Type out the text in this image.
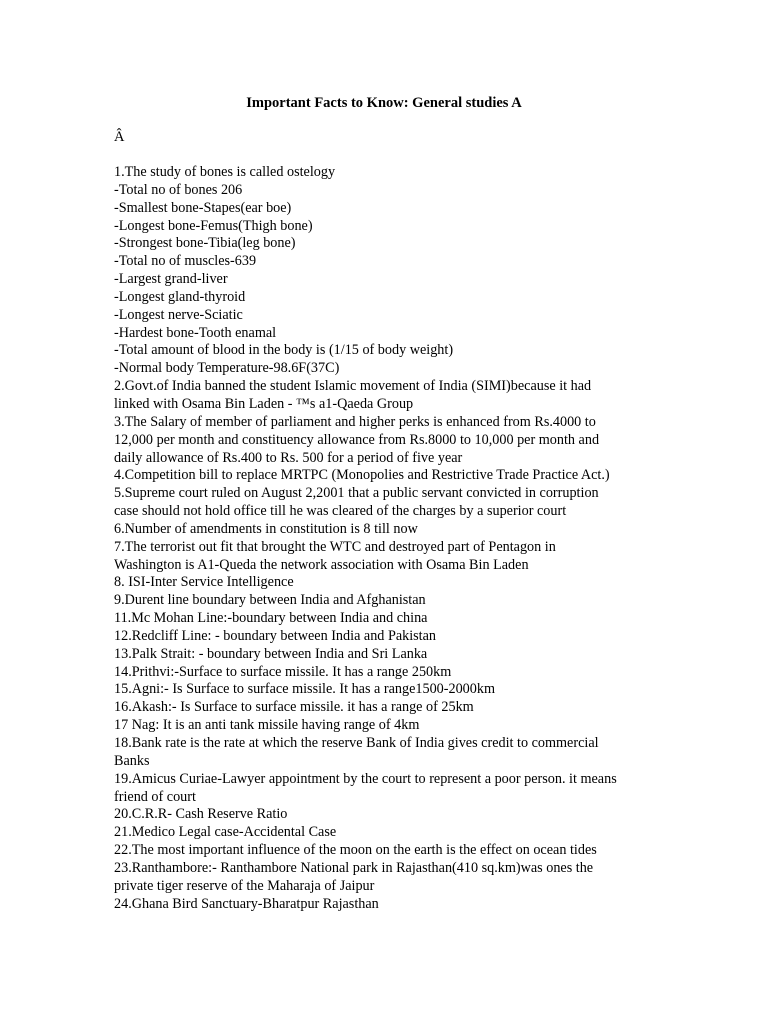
Important Facts to Know: General studies A

Â

1.The study of bones is called ostelogy
-Total no of bones 206
-Smallest bone-Stapes(ear boe)
-Longest bone-Femus(Thigh bone)
-Strongest bone-Tibia(leg bone)
-Total no of muscles-639
-Largest grand-liver
-Longest gland-thyroid
-Longest nerve-Sciatic
-Hardest bone-Tooth enamal
-Total amount of blood in the body is (1/15 of body weight)
-Normal body Temperature-98.6F(37C)
2.Govt.of India banned the student Islamic movement of India (SIMI)because it had
linked with Osama Bin Laden - ™s a1-Qaeda Group
3.The Salary of member of parliament and higher perks is enhanced from Rs.4000 to
12,000 per month and constituency allowance from Rs.8000 to 10,000 per month and
daily allowance of Rs.400 to Rs. 500 for a period of five year
4.Competition bill to replace MRTPC (Monopolies and Restrictive Trade Practice Act.)
5.Supreme court ruled on August 2,2001 that a public servant convicted in corruption
case should not hold office till he was cleared of the charges by a superior court
6.Number of amendments in constitution is 8 till now
7.The terrorist out fit that brought the WTC and destroyed part of Pentagon in
Washington is A1-Queda the network association with Osama Bin Laden
8. ISI-Inter Service Intelligence
9.Durent line boundary between India and Afghanistan
11.Mc Mohan Line:-boundary between India and china
12.Redcliff Line: - boundary between India and Pakistan
13.Palk Strait: - boundary between India and Sri Lanka
14.Prithvi:-Surface to surface missile. It has a range 250km
15.Agni:- Is Surface to surface missile. It has a range1500-2000km
16.Akash:- Is Surface to surface missile. it has a range of 25km
17 Nag: It is an anti tank missile having range of 4km
18.Bank rate is the rate at which the reserve Bank of India gives credit to commercial
Banks
19.Amicus Curiae-Lawyer appointment by the court to represent a poor person. it means
friend of court
20.C.R.R- Cash Reserve Ratio
21.Medico Legal case-Accidental Case
22.The most important influence of the moon on the earth is the effect on ocean tides
23.Ranthambore:- Ranthambore National park in Rajasthan(410 sq.km)was ones the
private tiger reserve of the Maharaja of Jaipur
24.Ghana Bird Sanctuary-Bharatpur Rajasthan
